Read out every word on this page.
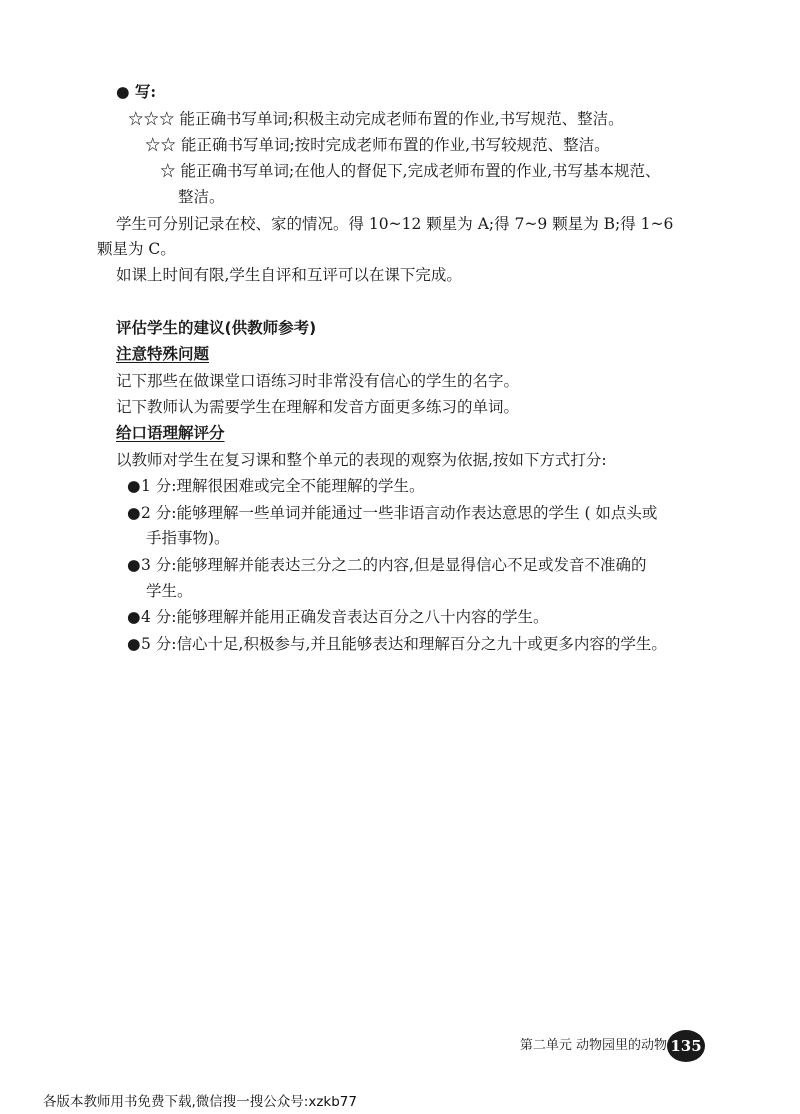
● 写:
☆☆☆ 能正确书写单词;积极主动完成老师布置的作业,书写规范、整洁。
☆☆ 能正确书写单词;按时完成老师布置的作业,书写较规范、整洁。
☆ 能正确书写单词;在他人的督促下,完成老师布置的作业,书写基本规范、
整洁。
学生可分别记录在校、家的情况。得 10~12 颗星为 A;得 7~9 颗星为 B;得 1~6
颗星为 C。
如课上时间有限,学生自评和互评可以在课下完成。
评估学生的建议(供教师参考)
注意特殊问题
记下那些在做课堂口语练习时非常没有信心的学生的名字。
记下教师认为需要学生在理解和发音方面更多练习的单词。
给口语理解评分
以教师对学生在复习课和整个单元的表现的观察为依据,按如下方式打分:
●1 分:理解很困难或完全不能理解的学生。
●2 分:能够理解一些单词并能通过一些非语言动作表达意思的学生 ( 如点头或
手指事物)。
●3 分:能够理解并能表达三分之二的内容,但是显得信心不足或发音不准确的
学生。
●4 分:能够理解并能用正确发音表达百分之八十内容的学生。
●5 分:信心十足,积极参与,并且能够表达和理解百分之九十或更多内容的学生。
第二单元 动物园里的动物 135
各版本教师用书免费下载,微信搜一搜公众号:xzkb77
